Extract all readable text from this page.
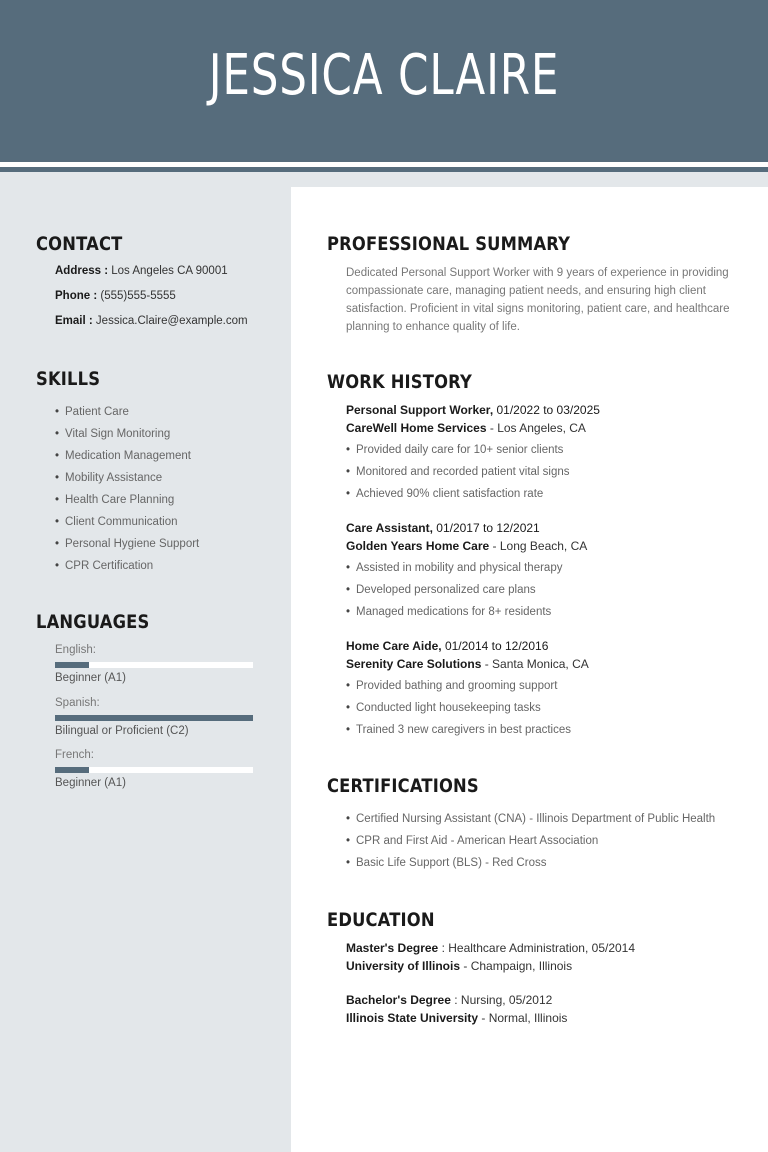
JESSICA CLAIRE
CONTACT
Address : Los Angeles CA 90001
Phone : (555)555-5555
Email : Jessica.Claire@example.com
SKILLS
• Patient Care
• Vital Sign Monitoring
• Medication Management
• Mobility Assistance
• Health Care Planning
• Client Communication
• Personal Hygiene Support
• CPR Certification
LANGUAGES
English:
Beginner (A1)
Spanish:
Bilingual or Proficient (C2)
French:
Beginner (A1)
PROFESSIONAL SUMMARY
Dedicated Personal Support Worker with 9 years of experience in providing compassionate care, managing patient needs, and ensuring high client satisfaction. Proficient in vital signs monitoring, patient care, and healthcare planning to enhance quality of life.
WORK HISTORY
Personal Support Worker, 01/2022 to 03/2025
CareWell Home Services - Los Angeles, CA
• Provided daily care for 10+ senior clients
• Monitored and recorded patient vital signs
• Achieved 90% client satisfaction rate
Care Assistant, 01/2017 to 12/2021
Golden Years Home Care - Long Beach, CA
• Assisted in mobility and physical therapy
• Developed personalized care plans
• Managed medications for 8+ residents
Home Care Aide, 01/2014 to 12/2016
Serenity Care Solutions - Santa Monica, CA
• Provided bathing and grooming support
• Conducted light housekeeping tasks
• Trained 3 new caregivers in best practices
CERTIFICATIONS
• Certified Nursing Assistant (CNA) - Illinois Department of Public Health
• CPR and First Aid - American Heart Association
• Basic Life Support (BLS) - Red Cross
EDUCATION
Master's Degree : Healthcare Administration, 05/2014
University of Illinois - Champaign, Illinois
Bachelor's Degree : Nursing, 05/2012
Illinois State University - Normal, Illinois
